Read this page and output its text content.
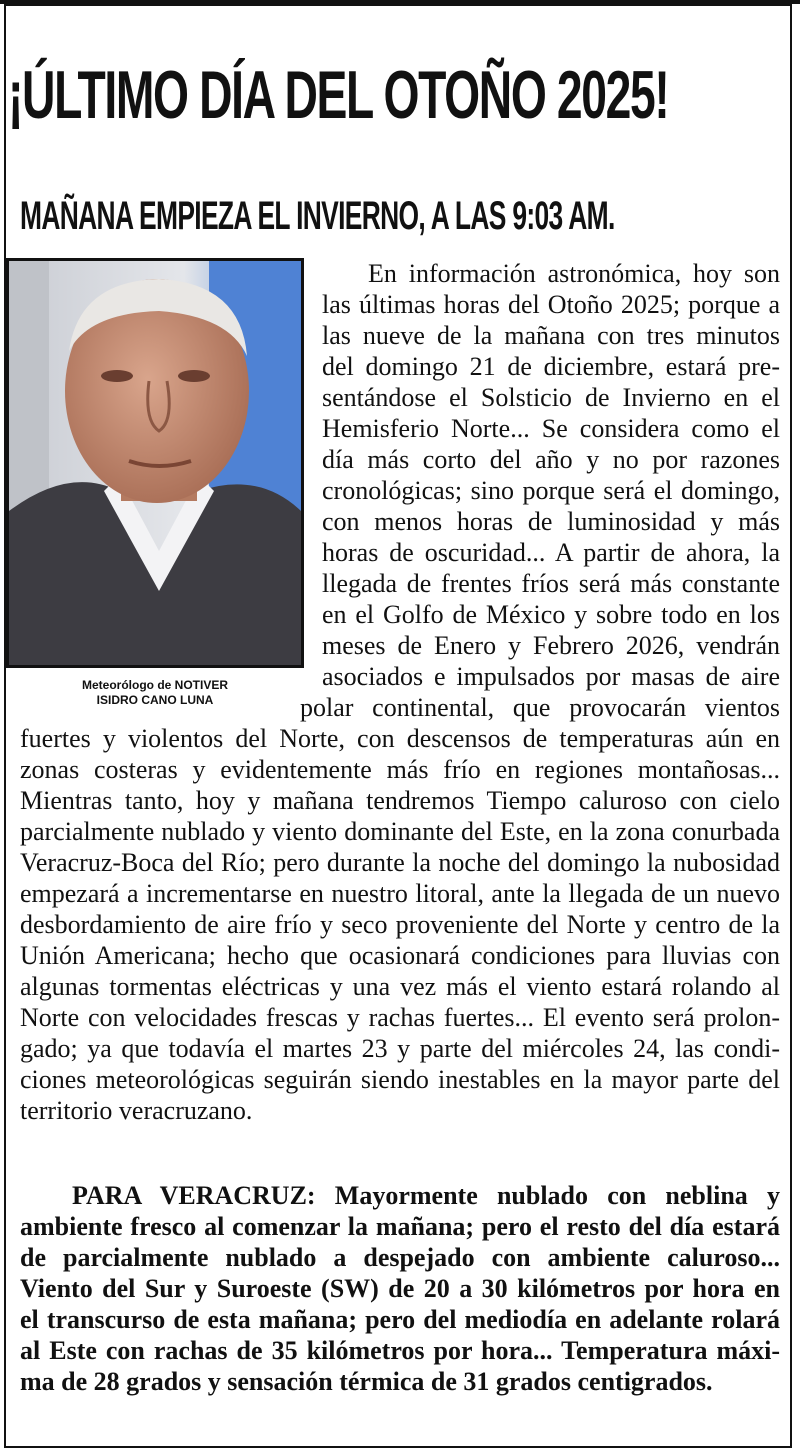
¡ÚLTIMO DÍA DEL OTOÑO 2025!
MAÑANA EMPIEZA EL INVIERNO, A LAS 9:03 AM.
Meteorólogo de NOTIVER
ISIDRO CANO LUNA
En información astronómica, hoy son
las últimas horas del Otoño 2025; porque a
las nueve de la mañana con tres minutos
del domingo 21 de diciembre, estará pre-
sentándose el Solsticio de Invierno en el
Hemisferio Norte... Se considera como el
día más corto del año y no por razones
cronológicas; sino porque será el domingo,
con menos horas de luminosidad y más
horas de oscuridad... A partir de ahora, la
llegada de frentes fríos será más constante
en el Golfo de México y sobre todo en los
meses de Enero y Febrero 2026, vendrán
asociados e impulsados por masas de aire
polar continental, que provocarán vientos
fuertes y violentos del Norte, con descensos de temperaturas aún en
zonas costeras y evidentemente más frío en regiones montañosas...
Mientras tanto, hoy y mañana tendremos Tiempo caluroso con cielo
parcialmente nublado y viento dominante del Este, en la zona conurbada
Veracruz-Boca del Río; pero durante la noche del domingo la nubosidad
empezará a incrementarse en nuestro litoral, ante la llegada de un nuevo
desbordamiento de aire frío y seco proveniente del Norte y centro de la
Unión Americana; hecho que ocasionará condiciones para lluvias con
algunas tormentas eléctricas y una vez más el viento estará rolando al
Norte con velocidades frescas y rachas fuertes... El evento será prolon-
gado; ya que todavía el martes 23 y parte del miércoles 24, las condi-
ciones meteorológicas seguirán siendo inestables en la mayor parte del
territorio veracruzano.
PARA VERACRUZ: Mayormente nublado con neblina y
ambiente fresco al comenzar la mañana; pero el resto del día estará
de parcialmente nublado a despejado con ambiente caluroso...
Viento del Sur y Suroeste (SW) de 20 a 30 kilómetros por hora en
el transcurso de esta mañana; pero del mediodía en adelante rolará
al Este con rachas de 35 kilómetros por hora... Temperatura máxi-
ma de 28 grados y sensación térmica de 31 grados centigrados.
